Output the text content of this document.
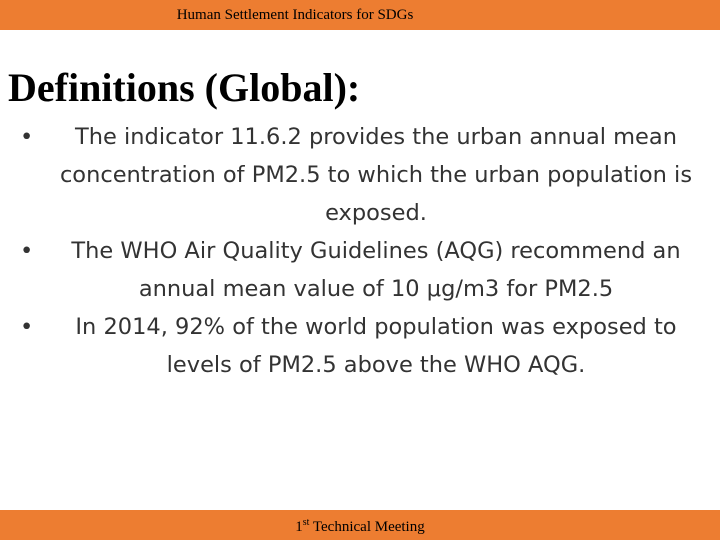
Human Settlement Indicators for SDGs
Definitions (Global):
• The indicator 11.6.2 provides the urban annual mean concentration of PM2.5 to which the urban population is exposed.
• The WHO Air Quality Guidelines (AQG) recommend an annual mean value of 10 μg/m3 for PM2.5
• In 2014, 92% of the world population was exposed to levels of PM2.5 above the WHO AQG.
1st Technical Meeting
